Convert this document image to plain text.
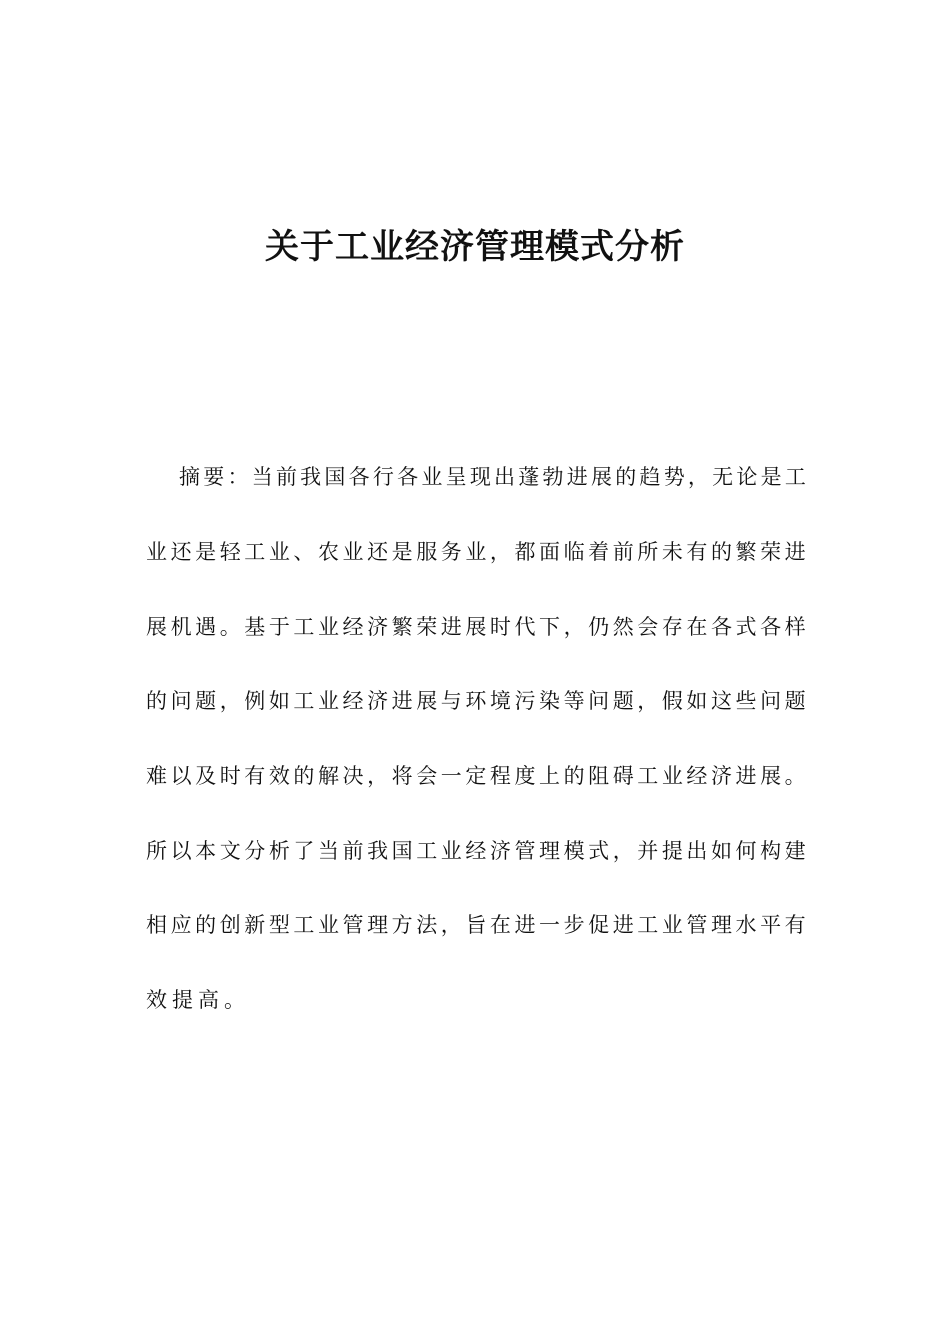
关于工业经济管理模式分析
摘 要 ： 当 前 我 国 各 行 各 业 呈 现 出 蓬 勃 进 展 的 趋 势 ， 无 论 是 工
业 还 是 轻 工 业 、 农 业 还 是 服 务 业 ， 都 面 临 着 前 所 未 有 的 繁 荣 进
展 机 遇 。 基 于 工 业 经 济 繁 荣 进 展 时 代 下 ， 仍 然 会 存 在 各 式 各 样
的 问 题 ， 例 如 工 业 经 济 进 展 与 环 境 污 染 等 问 题 ， 假 如 这 些 问 题
难 以 及 时 有 效 的 解 决 ， 将 会 一 定 程 度 上 的 阻 碍 工 业 经 济 进 展 。
所 以 本 文 分 析 了 当 前 我 国 工 业 经 济 管 理 模 式 ， 并 提 出 如 何 构 建
相 应 的 创 新 型 工 业 管 理 方 法 ， 旨 在 进 一 步 促 进 工 业 管 理 水 平 有
效提高。
